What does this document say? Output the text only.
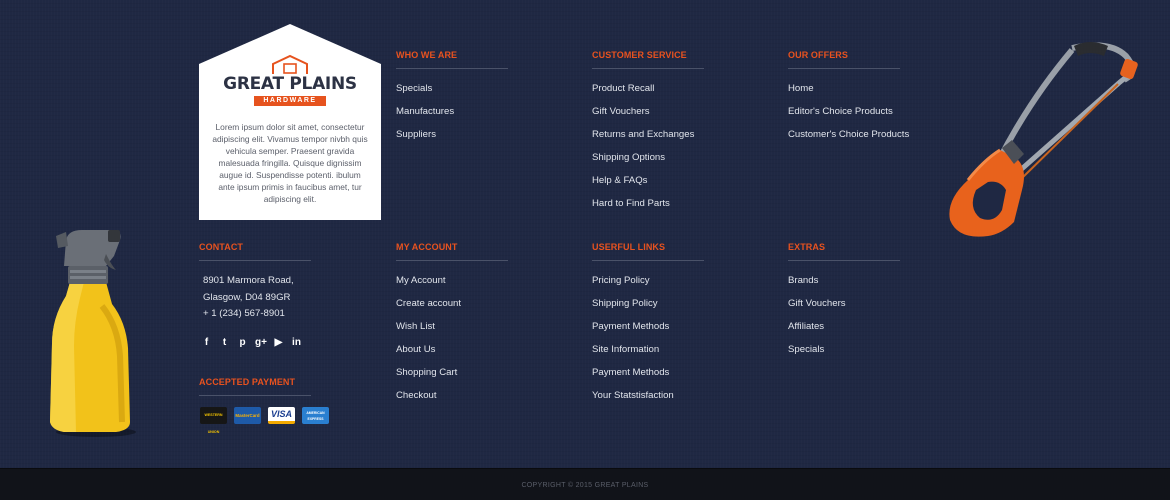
GREAT PLAINS
HARDWARE

Lorem ipsum dolor sit amet, consectetur adipiscing elit. Vivamus tempor nivbh quis vehicula semper. Praesent gravida malesuada fringilla. Quisque dignissim augue id. Suspendisse potenti. ibulum ante ipsum primis in faucibus amet, tur adipiscing elit.

WHO WE ARE
Specials
Manufactures
Suppliers
CUSTOMER SERVICE
Product Recall
Gift Vouchers
Returns and Exchanges
Shipping Options
Help & FAQs
Hard to Find Parts
OUR OFFERS
Home
Editor's Choice Products
Customer's Choice Products
CONTACT
8901 Marmora Road,
Glasgow, D04 89GR
+ 1 (234) 567-8901
f	t	p g+ ▶ in
ACCEPTED PAYMENT
WESTERN UNION
MasterCard	VISA	AMERICAN EXPRESS
MY ACCOUNT
My Account
Create account
Wish List
About Us
Shopping Cart
Checkout
USERFUL LINKS
Pricing Policy
Shipping Policy
Payment Methods
Site Information
Payment Methods
Your Statstisfaction
EXTRAS
Brands
Gift Vouchers
Affiliates
Specials
COPYRIGHT © 2015 GREAT PLAINS
